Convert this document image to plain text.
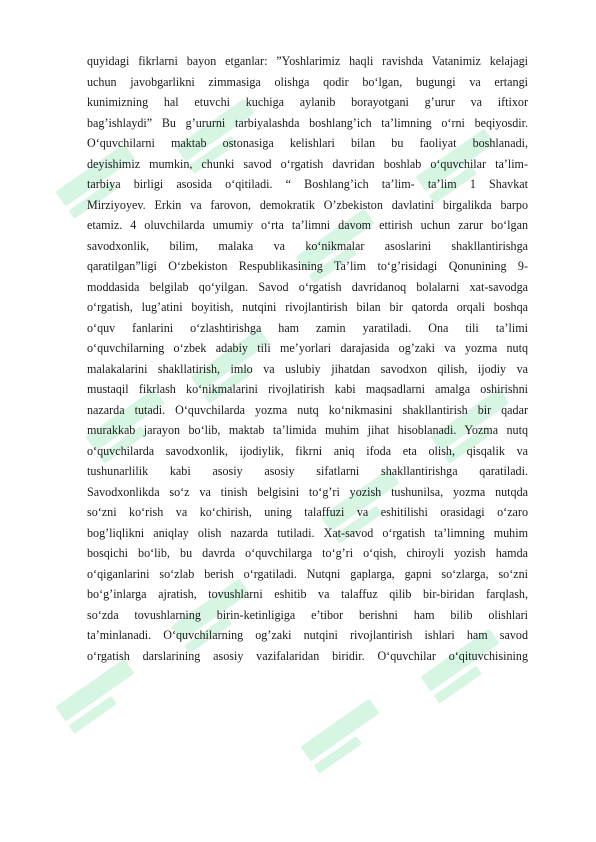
quyidagi fikrlarni bayon etganlar: ”Yoshlarimiz haqli ravishda Vatanimiz kelajagi
uchun javobgarlikni zimmasiga olishga qodir bo‘lgan, bugungi va ertangi
kunimizning hal etuvchi kuchiga aylanib borayotgani g’urur va iftixor
bag’ishlaydi” Bu g’ururni tarbiyalashda boshlang’ich ta’limning o‘rni beqiyosdir.
O‘quvchilarni maktab ostonasiga kelishlari bilan bu faoliyat boshlanadi,
deyishimiz mumkin, chunki savod o‘rgatish davridan boshlab o‘quvchilar ta’lim-
tarbiya birligi asosida o‘qitiladi. “ Boshlang’ich ta’lim- ta’lim 1 Shavkat
Mirziyoyev. Erkin va farovon, demokratik O’zbekiston davlatini birgalikda barpo
etamiz. 4 oluvchilarda umumiy o‘rta ta’limni davom ettirish uchun zarur bo‘lgan
savodxonlik, bilim, malaka va ko‘nikmalar asoslarini shakllantirishga
qaratilgan”ligi O‘zbekiston Respublikasining Ta’lim to‘g’risidagi Qonunining 9-
moddasida belgilab qo‘yilgan. Savod o‘rgatish davridanoq bolalarni xat-savodga
o‘rgatish, lug’atini boyitish, nutqini rivojlantirish bilan bir qatorda orqali boshqa
o‘quv fanlarini o‘zlashtirishga ham zamin yaratiladi. Ona tili ta’limi
o‘quvchilarning o‘zbek adabiy tili me’yorlari darajasida og’zaki va yozma nutq
malakalarini shakllatirish, imlo va uslubiy jihatdan savodxon qilish, ijodiy va
mustaqil fikrlash ko‘nikmalarini rivojlatirish kabi maqsadlarni amalga oshirishni
nazarda tutadi. O‘quvchilarda yozma nutq ko‘nikmasini shakllantirish bir qadar
murakkab jarayon bo‘lib, maktab ta’limida muhim jihat hisoblanadi. Yozma nutq
o‘quvchilarda savodxonlik, ijodiylik, fikrni aniq ifoda eta olish, qisqalik va
tushunarlilik kabi asosiy asosiy sifatlarni shakllantirishga qaratiladi.
Savodxonlikda so‘z va tinish belgisini to‘g’ri yozish tushunilsa, yozma nutqda
so‘zni ko‘rish va ko‘chirish, uning talaffuzi va eshitilishi orasidagi o‘zaro
bog’liqlikni aniqlay olish nazarda tutiladi. Xat-savod o‘rgatish ta’limning muhim
bosqichi bo‘lib, bu davrda o‘quvchilarga to‘g’ri o‘qish, chiroyli yozish hamda
o‘qiganlarini so‘zlab berish o‘rgatiladi. Nutqni gaplarga, gapni so‘zlarga, so‘zni
bo‘g’inlarga ajratish, tovushlarni eshitib va talaffuz qilib bir-biridan farqlash,
so‘zda tovushlarning birin-ketinligiga e’tibor berishni ham bilib olishlari
ta’minlanadi. O‘quvchilarning og’zaki nutqini rivojlantirish ishlari ham savod
o‘rgatish darslarining asosiy vazifalaridan biridir. O‘quvchilar o‘qituvchisining
